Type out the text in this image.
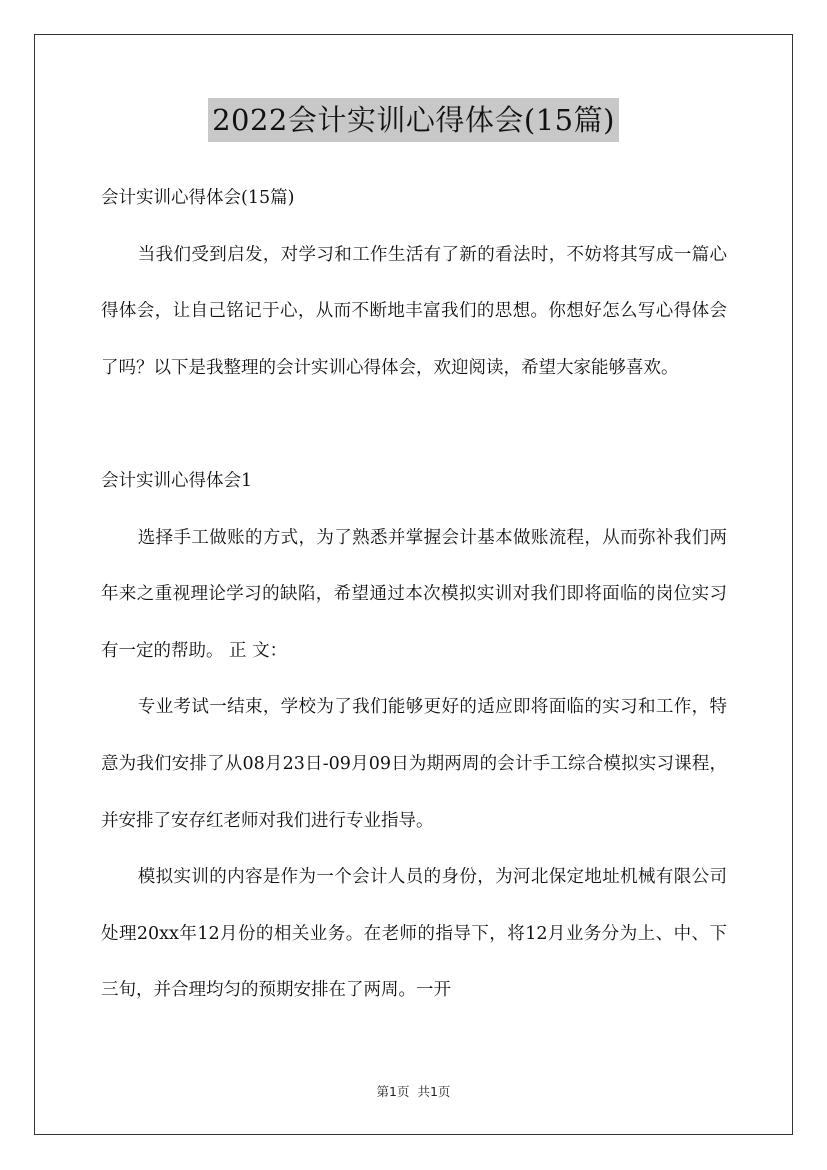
2022会计实训心得体会(15篇)

会计实训心得体会(15篇)

当我们受到启发，对学习和工作生活有了新的看法时，不妨将其写成一篇心得体会，让自己铭记于心，从而不断地丰富我们的思想。你想好怎么写心得体会了吗？以下是我整理的会计实训心得体会，欢迎阅读，希望大家能够喜欢。

会计实训心得体会1

选择手工做账的方式，为了熟悉并掌握会计基本做账流程，从而弥补我们两年来之重视理论学习的缺陷，希望通过本次模拟实训对我们即将面临的岗位实习有一定的帮助。 正 文：

专业考试一结束，学校为了我们能够更好的适应即将面临的实习和工作，特意为我们安排了从08月23日-09月09日为期两周的会计手工综合模拟实习课程，并安排了安存红老师对我们进行专业指导。

模拟实训的内容是作为一个会计人员的身份，为河北保定地址机械有限公司处理20xx年12月份的相关业务。在老师的指导下，将12月业务分为上、中、下三旬，并合理均匀的预期安排在了两周。一开

第1页 共1页
